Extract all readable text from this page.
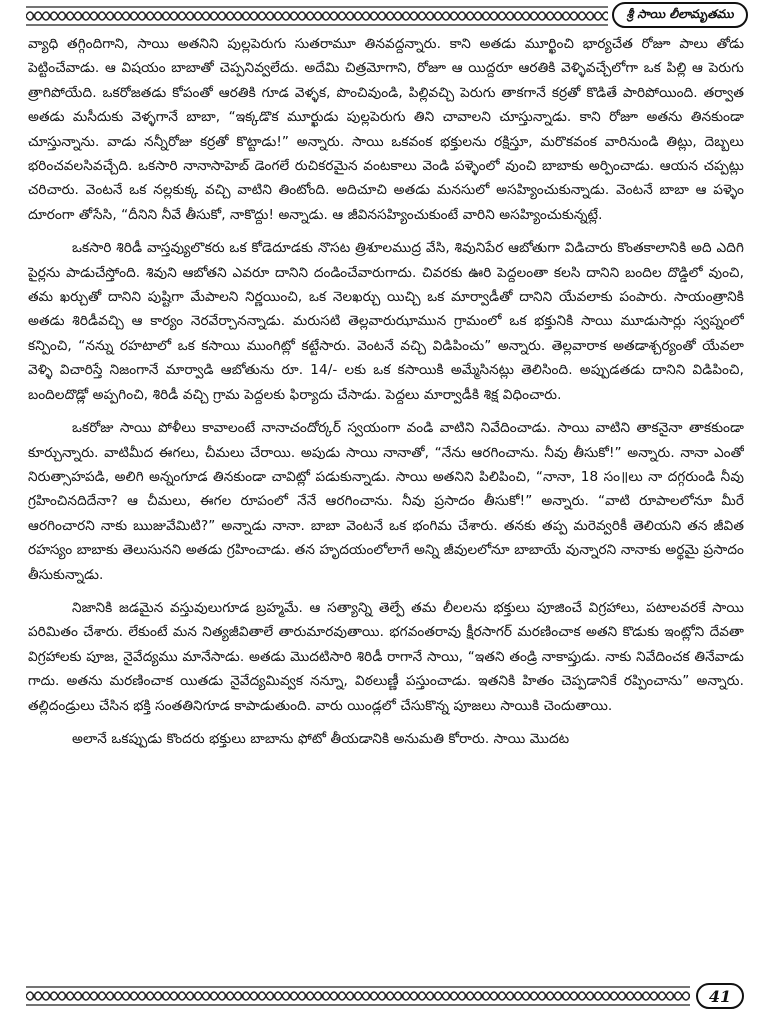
శ్రీ సాయి లీలామృతము

వ్యాధి తగ్గిందిగాని, సాయి అతనిని పుల్లపెరుగు సుతరామూ తినవద్దన్నారు. కాని అతడు మూర్ఖించి భార్యచేత రోజూ పాలు తోడు పెట్టించేవాడు. ఆ విషయం బాబాతో చెప్పనివ్వలేదు. అదేమి చిత్రమోగాని, రోజూ ఆ యిద్దరూ ఆరతికి వెళ్ళివచ్చేలోగా ఒక పిల్లి ఆ పెరుగు త్రాగిపోయేది. ఒకరోజతడు కోపంతో ఆరతికి గూడ వెళ్ళక, పొంచివుండి, పిల్లివచ్చి పెరుగు తాకగానే కర్రతో కొడితే పారిపోయింది. తర్వాత అతడు మసీదుకు వెళ్ళగానే బాబా, “ఇక్కడొక మూర్ఖుడు పుల్లపెరుగు తిని చావాలని చూస్తున్నాడు. కాని రోజూ అతను తినకుండా చూస్తున్నాను. వాడు నన్నీరోజు కర్రతో కొట్టాడు!” అన్నారు. సాయి ఒకవంక భక్తులను రక్షిస్తూ, మరొకవంక వారినుండి తిట్లు, దెబ్బలు భరించవలసివచ్చేది. ఒకసారి నానాసాహెబ్ డెంగలే రుచికరమైన వంటకాలు వెండి పళ్ళెంలో వుంచి బాబాకు అర్పించాడు. ఆయన చప్పట్లు చరిచారు. వెంటనే ఒక నల్లకుక్క వచ్చి వాటిని తింటోంది. అదిచూచి అతడు మనసులో అసహ్యించుకున్నాడు. వెంటనే బాబా ఆ పళ్ళెం దూరంగా తోసేసి, “దీనిని నీవే తీసుకో, నాకొద్దు! అన్నాడు. ఆ జీవినసహ్యించుకుంటే వారిని అసహ్యించుకున్నట్లే.

ఒకసారి శిరిడీ వాస్తవ్యులొకరు ఒక కోడెదూడకు నొసట త్రిశూలముద్ర వేసి, శివునిపేర ఆబోతుగా విడిచారు కొంతకాలానికి అది ఎదిగి పైర్లను పాడుచేస్తోంది. శివుని ఆబోతని ఎవరూ దానిని దండించేవారుగాదు. చివరకు ఊరి పెద్దలంతా కలసి దానిని బందిల దొడ్డిలో వుంచి, తమ ఖర్చుతో దానిని పుష్టిగా మేపాలని నిర్ణయించి, ఒక నెలఖర్చు యిచ్చి ఒక మార్వాడీతో దానిని యేవలాకు పంపారు. సాయంత్రానికి అతడు శిరిడీవచ్చి ఆ కార్యం నెరవేర్చానన్నాడు. మరుసటి తెల్లవారుఝామున గ్రామంలో ఒక భక్తునికి సాయి మూడుసార్లు స్వప్నంలో కన్పించి, “నన్ను రహటాలో ఒక కసాయి ముంగిట్లో కట్టేసారు. వెంటనే వచ్చి విడిపించు” అన్నారు. తెల్లవారాక అతడాశ్చర్యంతో యేవలా వెళ్ళి విచారిస్తే నిజంగానే మార్వాడి ఆబోతును రూ. 14/- లకు ఒక కసాయికి అమ్మేసినట్లు తెలిసింది. అప్పుడతడు దానిని విడిపించి, బందిలదొడ్లో అప్పగించి, శిరిడీ వచ్చి గ్రామ పెద్దలకు ఫిర్యాదు చేసాడు. పెద్దలు మార్వాడీకి శిక్ష విధించారు.

ఒకరోజు సాయి పోళీలు కావాలంటే నానాచందోర్కర్ స్వయంగా వండి వాటిని నివేదించాడు. సాయి వాటిని తాకనైనా తాకకుండా కూర్చున్నారు. వాటిమీద ఈగలు, చీమలు చేరాయి. అపుడు సాయి నానాతో, “నేను ఆరగించాను. నీవు తీసుకో!” అన్నారు. నానా ఎంతో నిరుత్సాహపడి, అలిగి అన్నంగూడ తినకుండా చావిట్లో పడుకున్నాడు. సాయి అతనిని పిలిపించి, “నానా, 18 సం॥లు నా దగ్గరుండి నీవు గ్రహించినదిదేనా? ఆ చీమలు, ఈగల రూపంలో నేనే ఆరగించాను. నీవు ప్రసాదం తీసుకో!” అన్నారు. “వాటి రూపాలలోనూ మీరే ఆరగించారని నాకు ఋజువేమిటి?” అన్నాడు నానా. బాబా వెంటనే ఒక భంగిమ చేశారు. తనకు తప్ప మరెవ్వరికీ తెలియని తన జీవిత రహస్యం బాబాకు తెలుసునని అతడు గ్రహించాడు. తన హృదయంలోలాగే అన్ని జీవులలోనూ బాబాయే వున్నారని నానాకు అర్థమై ప్రసాదం తీసుకున్నాడు.

నిజానికి జడమైన వస్తువులుగూడ బ్రహ్మమే. ఆ సత్యాన్ని తెల్పే తమ లీలలను భక్తులు పూజించే విగ్రహాలు, పటాలవరకే సాయి పరిమితం చేశారు. లేకుంటే మన నిత్యజీవితాలే తారుమారవుతాయి. భగవంతరావు క్షీరసాగర్ మరణించాక అతని కొడుకు ఇంట్లోని దేవతా విగ్రహాలకు పూజ, నైవేద్యము మానేసాడు. అతడు మొదటిసారి శిరిడీ రాగానే సాయి, “ఇతని తండ్రి నాకాప్తుడు. నాకు నివేదించక తినేవాడు గాదు. అతను మరణించాక యితడు నైవేద్యమివ్వక నన్నూ, విఠలుణ్ణీ పస్తుంచాడు. ఇతనికి హితం చెప్పడానికే రప్పించాను” అన్నారు. తల్లిదండ్రులు చేసిన భక్తి సంతతినిగూడ కాపాడుతుంది. వారు యిండ్లలో చేసుకొన్న పూజలు సాయికి చెందుతాయి.

అలానే ఒకప్పుడు కొందరు భక్తులు బాబాను ఫోటో తీయడానికి అనుమతి కోరారు. సాయి మొదట

41
